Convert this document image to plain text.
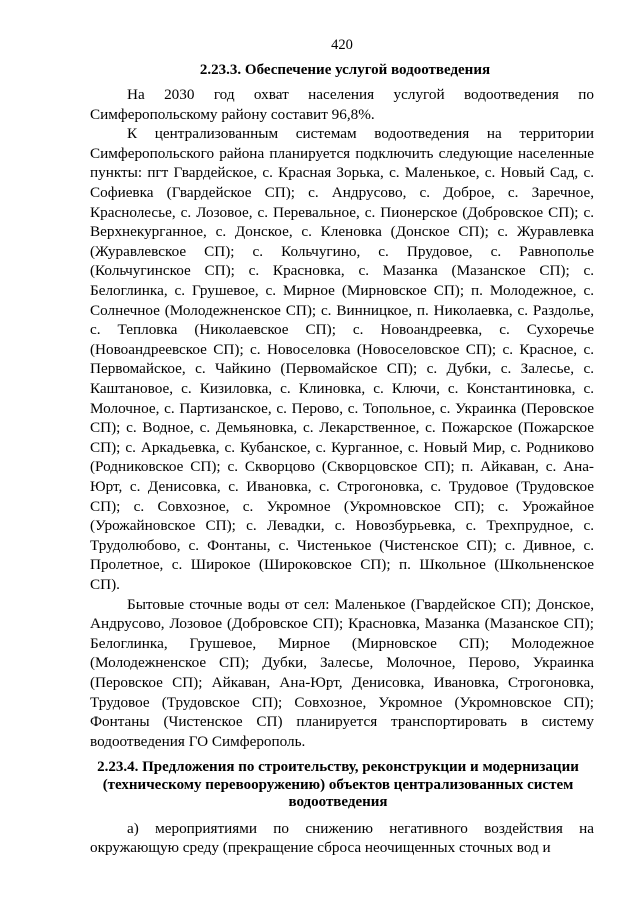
420
2.23.3. Обеспечение услугой водоотведения

На 2030 год охват населения услугой водоотведения по Симферопольскому району составит 96,8%.

К централизованным системам водоотведения на территории Симферопольского района планируется подключить следующие населенные пункты: пгт Гвардейское, с. Красная Зорька, с. Маленькое, с. Новый Сад, с. Софиевка (Гвардейское СП); с. Андрусово, с. Доброе, с. Заречное, Краснолесье, с. Лозовое, с. Перевальное, с. Пионерское (Добровское СП); с. Верхнекурганное, с. Донское, с. Кленовка (Донское СП); с. Журавлевка (Журавлевское СП); с. Кольчугино, с. Прудовое, с. Равнополье (Кольчугинское СП); с. Красновка, с. Мазанка (Мазанское СП); с. Белоглинка, с. Грушевое, с. Мирное (Мирновское СП); п. Молодежное, с. Солнечное (Молодежненское СП); с. Винницкое, п. Николаевка, с. Раздолье, с. Тепловка (Николаевское СП); с. Новоандреевка, с. Сухоречье (Новоандреевское СП); с. Новоселовка (Новоселовское СП); с. Красное, с. Первомайское, с. Чайкино (Первомайское СП); с. Дубки, с. Залесье, с. Каштановое, с. Кизиловка, с. Клиновка, с. Ключи, с. Константиновка, с. Молочное, с. Партизанское, с. Перово, с. Топольное, с. Украинка (Перовское СП); с. Водное, с. Демьяновка, с. Лекарственное, с. Пожарское (Пожарское СП); с. Аркадьевка, с. Кубанское, с. Курганное, с. Новый Мир, с. Родниково (Родниковское СП); с. Скворцово (Скворцовское СП); п. Айкаван, с. Ана-Юрт, с. Денисовка, с. Ивановка, с. Строгоновка, с. Трудовое (Трудовское СП); с. Совхозное, с. Укромное (Укромновское СП); с. Урожайное (Урожайновское СП); с. Левадки, с. Новозбурьевка, с. Трехпрудное, с. Трудолюбово, с. Фонтаны, с. Чистенькое (Чистенское СП); с. Дивное, с. Пролетное, с. Широкое (Широковское СП); п. Школьное (Школьненское СП).

Бытовые сточные воды от сел: Маленькое (Гвардейское СП); Донское, Андрусово, Лозовое (Добровское СП); Красновка, Мазанка (Мазанское СП); Белоглинка, Грушевое, Мирное (Мирновское СП); Молодежное (Молодежненское СП); Дубки, Залесье, Молочное, Перово, Украинка (Перовское СП); Айкаван, Ана-Юрт, Денисовка, Ивановка, Строгоновка, Трудовое (Трудовское СП); Совхозное, Укромное (Укромновское СП); Фонтаны (Чистенское СП) планируется транспортировать в систему водоотведения ГО Симферополь.

2.23.4. Предложения по строительству, реконструкции и модернизации (техническому перевооружению) объектов централизованных систем водоотведения

а) мероприятиями по снижению негативного воздействия на окружающую среду (прекращение сброса неочищенных сточных вод и
